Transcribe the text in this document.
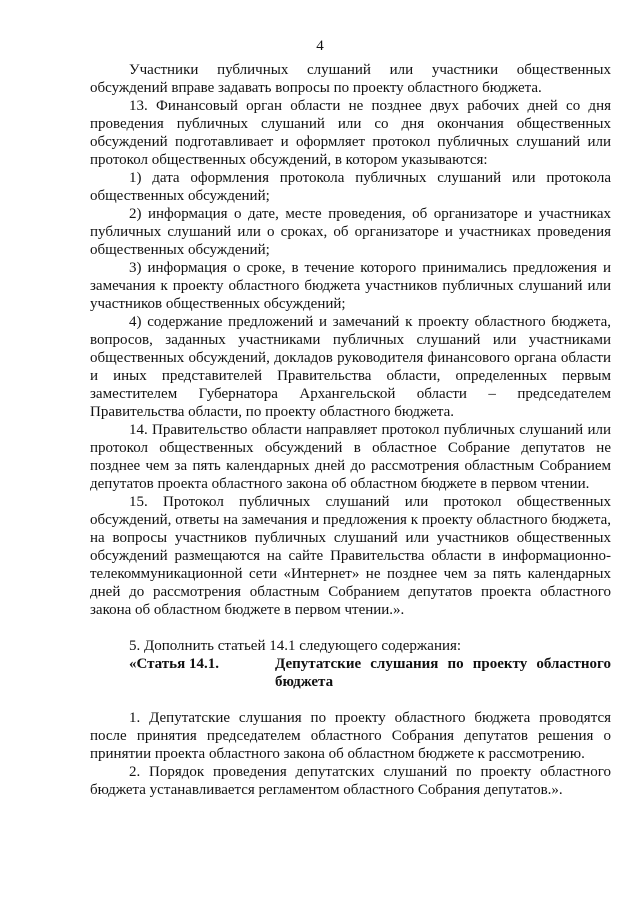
4

Участники публичных слушаний или участники общественных обсуждений вправе задавать вопросы по проекту областного бюджета.

13. Финансовый орган области не позднее двух рабочих дней со дня проведения публичных слушаний или со дня окончания общественных обсуждений подготавливает и оформляет протокол публичных слушаний или протокол общественных обсуждений, в котором указываются:

1) дата оформления протокола публичных слушаний или протокола общественных обсуждений;

2) информация о дате, месте проведения, об организаторе и участниках публичных слушаний или о сроках, об организаторе и участниках проведения общественных обсуждений;

3) информация о сроке, в течение которого принимались предложения и замечания к проекту областного бюджета участников публичных слушаний или участников общественных обсуждений;

4) содержание предложений и замечаний к проекту областного бюджета, вопросов, заданных участниками публичных слушаний или участниками общественных обсуждений, докладов руководителя финансового органа области и иных представителей Правительства области, определенных первым заместителем Губернатора Архангельской области – председателем Правительства области, по проекту областного бюджета.

14. Правительство области направляет протокол публичных слушаний или протокол общественных обсуждений в областное Собрание депутатов не позднее чем за пять календарных дней до рассмотрения областным Собранием депутатов проекта областного закона об областном бюджете в первом чтении.

15. Протокол публичных слушаний или протокол общественных обсуждений, ответы на замечания и предложения к проекту областного бюджета, на вопросы участников публичных слушаний или участников общественных обсуждений размещаются на сайте Правительства области в информационно-телекоммуникационной сети «Интернет» не позднее чем за пять календарных дней до рассмотрения областным Собранием депутатов проекта областного закона об областном бюджете в первом чтении.».

5. Дополнить статьей 14.1 следующего содержания:

«Статья 14.1.	Депутатские слушания по проекту областного бюджета

1. Депутатские слушания по проекту областного бюджета проводятся после принятия председателем областного Собрания депутатов решения о принятии проекта областного закона об областном бюджете к рассмотрению.

2. Порядок проведения депутатских слушаний по проекту областного бюджета устанавливается регламентом областного Собрания депутатов.».
